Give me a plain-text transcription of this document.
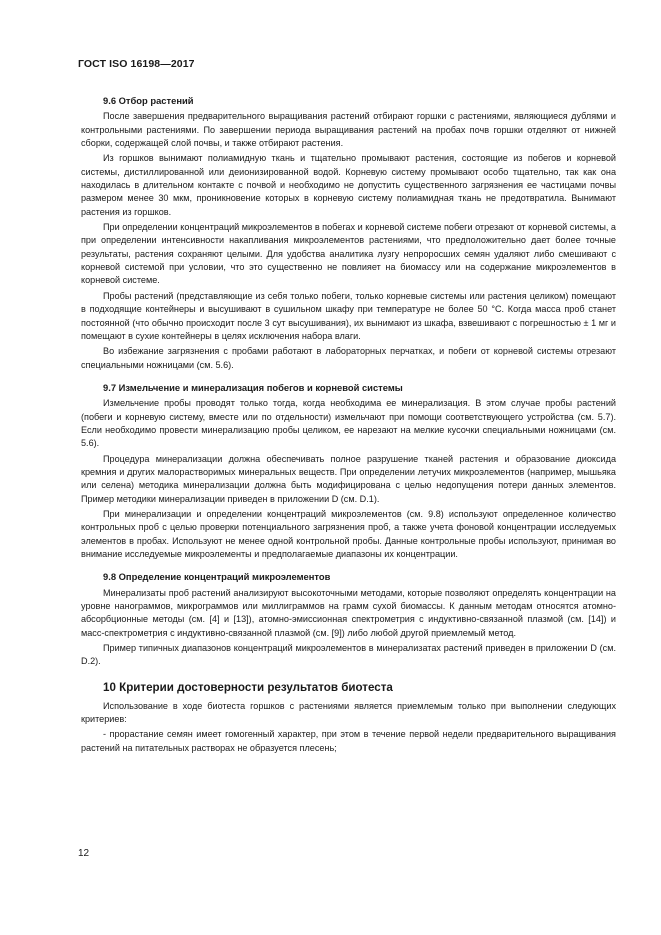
ГОСТ ISO 16198—2017
9.6 Отбор растений

После завершения предварительного выращивания растений отбирают горшки с растениями, являющиеся дублями и контрольными растениями. По завершении периода выращивания растений на пробах почв горшки отделяют от нижней сборки, содержащей слой почвы, и также отбирают растения.

Из горшков вынимают полиамидную ткань и тщательно промывают растения, состоящие из побегов и корневой системы, дистиллированной или деионизированной водой. Корневую систему промывают особо тщательно, так как она находилась в длительном контакте с почвой и необходимо не допустить существенного загрязнения ее частицами почвы размером менее 30 мкм, проникновение которых в корневую систему полиамидная ткань не предотвратила. Вынимают растения из горшков.

При определении концентраций микроэлементов в побегах и корневой системе побеги отрезают от корневой системы, а при определении интенсивности накапливания микроэлементов растениями, что предположительно дает более точные результаты, растения сохраняют целыми. Для удобства аналитика лузгу непроросших семян удаляют либо смешивают с корневой системой при условии, что это существенно не повлияет на биомассу или на содержание микроэлементов в корневой системе.

Пробы растений (представляющие из себя только побеги, только корневые системы или растения целиком) помещают в подходящие контейнеры и высушивают в сушильном шкафу при температуре не более 50 °С. Когда масса проб станет постоянной (что обычно происходит после 3 сут высушивания), их вынимают из шкафа, взвешивают с погрешностью ± 1 мг и помещают в сухие контейнеры в целях исключения набора влаги.

Во избежание загрязнения с пробами работают в лабораторных перчатках, и побеги от корневой системы отрезают специальными ножницами (см. 5.6).

9.7 Измельчение и минерализация побегов и корневой системы

Измельчение пробы проводят только тогда, когда необходима ее минерализация. В этом случае пробы растений (побеги и корневую систему, вместе или по отдельности) измельчают при помощи соответствующего устройства (см. 5.7). Если необходимо провести минерализацию пробы целиком, ее нарезают на мелкие кусочки специальными ножницами (см. 5.6).

Процедура минерализации должна обеспечивать полное разрушение тканей растения и образование диоксида кремния и других малорастворимых минеральных веществ. При определении летучих микроэлементов (например, мышьяка или селена) методика минерализации должна быть модифицирована с целью недопущения потери данных элементов. Пример методики минерализации приведен в приложении D (см. D.1).

При минерализации и определении концентраций микроэлементов (см. 9.8) используют определенное количество контрольных проб с целью проверки потенциального загрязнения проб, а также учета фоновой концентрации исследуемых элементов в пробах. Используют не менее одной контрольной пробы. Данные контрольные пробы используют, принимая во внимание исследуемые микроэлементы и предполагаемые диапазоны их концентрации.

9.8 Определение концентраций микроэлементов

Минерализаты проб растений анализируют высокоточными методами, которые позволяют определять концентрации на уровне нанограммов, микрограммов или миллиграммов на грамм сухой биомассы. К данным методам относятся атомно-абсорбционные методы (см. [4] и [13]), атомно-эмиссионная спектрометрия с индуктивно-связанной плазмой (см. [14]) и масс-спектрометрия с индуктивно-связанной плазмой (см. [9]) либо любой другой приемлемый метод.

Пример типичных диапазонов концентраций микроэлементов в минерализатах растений приведен в приложении D (см. D.2).

10 Критерии достоверности результатов биотеста

Использование в ходе биотеста горшков с растениями является приемлемым только при выполнении следующих критериев:

- прорастание семян имеет гомогенный характер, при этом в течение первой недели предварительного выращивания растений на питательных растворах не образуется плесень;

12
